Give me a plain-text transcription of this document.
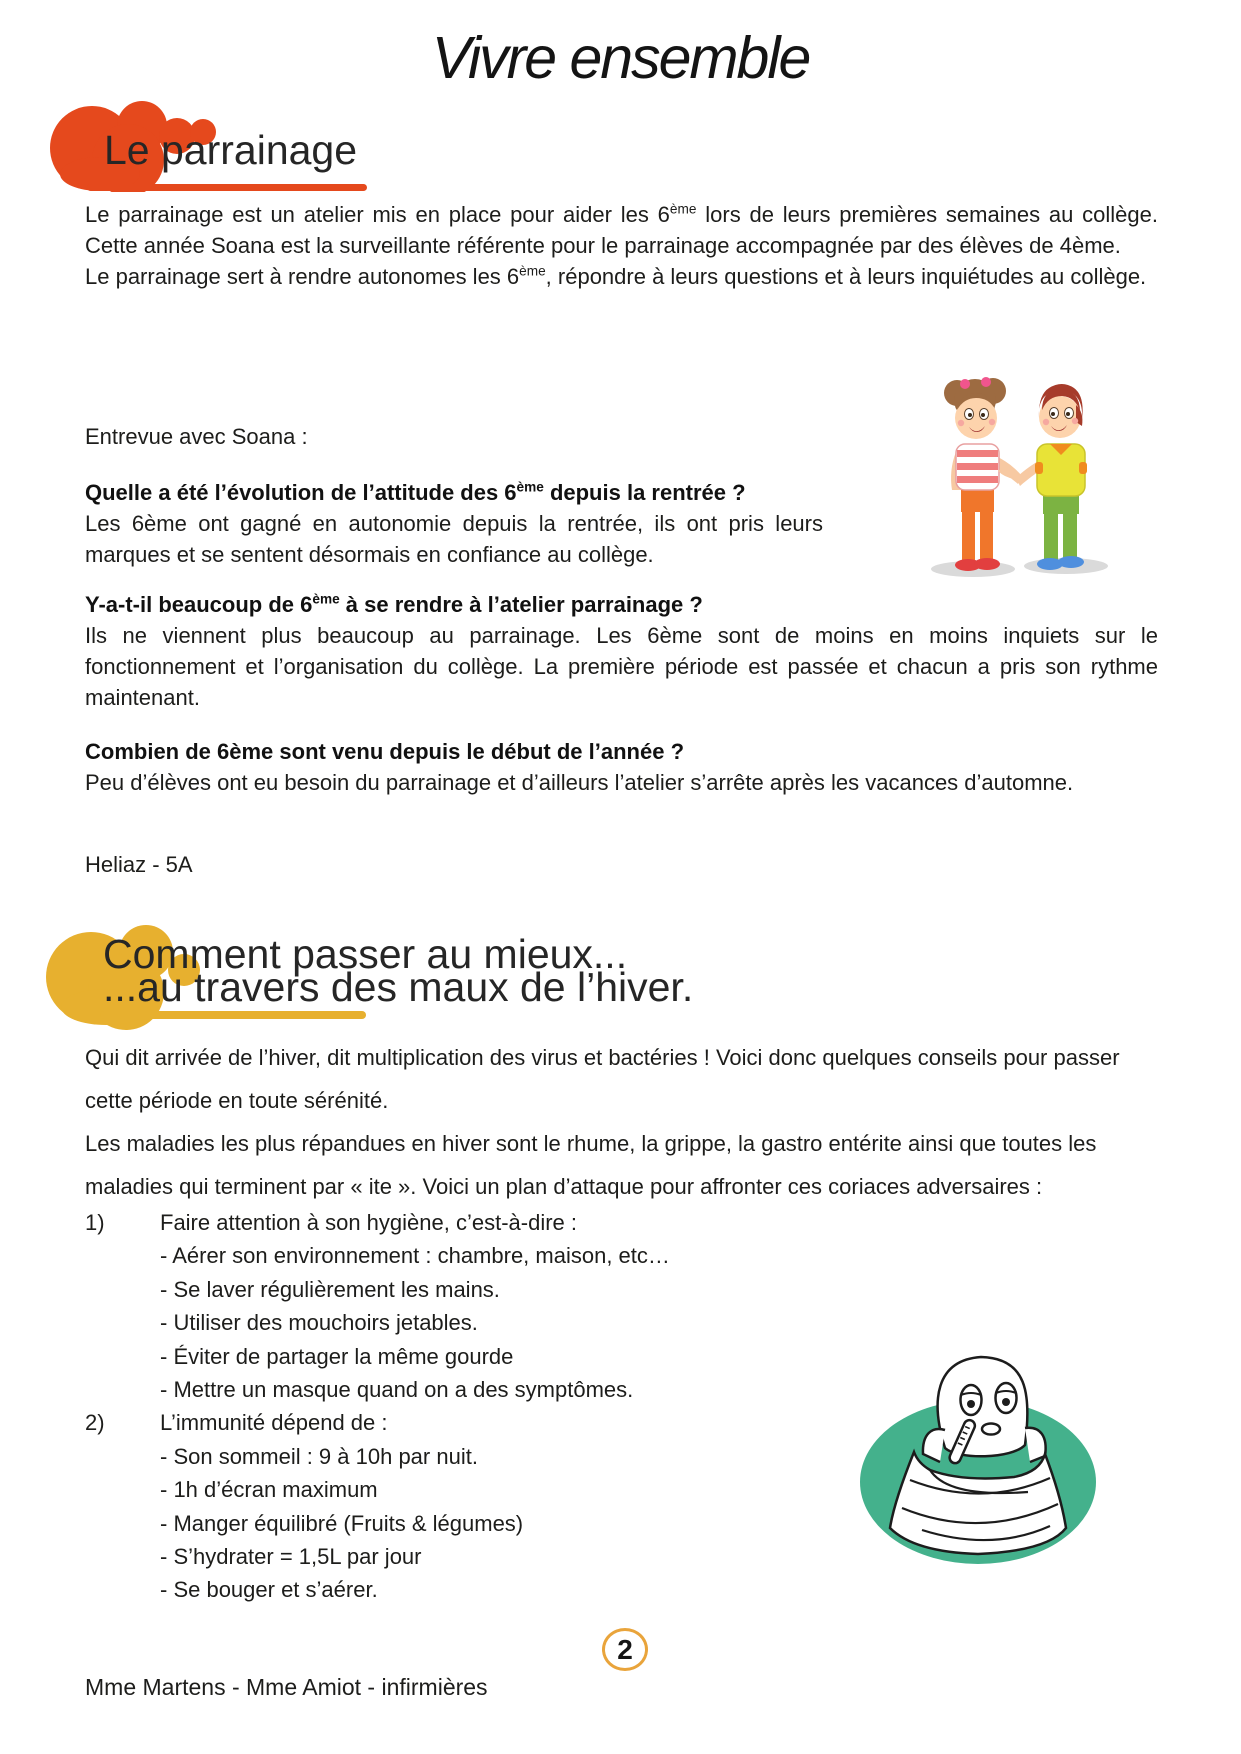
Vivre ensemble
Le parrainage

Le parrainage est un atelier mis en place pour aider les 6ème lors de leurs premières semaines au collège. Cette année Soana est la surveillante référente pour le parrainage accompagnée par des élèves de 4ème.

Le parrainage sert à rendre autonomes les 6ème, répondre à leurs questions et à leurs inquiétudes au collège.

Entrevue avec Soana :

Quelle a été l’évolution de l’attitude des 6ème depuis la rentrée ?

Les 6ème ont gagné en autonomie depuis la rentrée, ils ont pris leurs marques et se sentent désormais en confiance au collège.

Y-a-t-il beaucoup de 6ème à se rendre à l’atelier parrainage ?

Ils ne viennent plus beaucoup au parrainage. Les 6ème sont de moins en moins inquiets sur le fonctionnement et l’organisation du collège. La première période est passée et chacun a pris son rythme maintenant.

Combien de 6ème sont venu depuis le début de l’année ?

Peu d’élèves ont eu besoin du parrainage et d’ailleurs l’atelier s’arrête après les vacances d’automne.

Heliaz - 5A
Comment passer au mieux...
...au travers des maux de l’hiver.

Qui dit arrivée de l’hiver, dit multiplication des virus et bactéries ! Voici donc quelques conseils pour passer cette période en toute sérénité.

Les maladies les plus répandues en hiver sont le rhume, la grippe, la gastro entérite ainsi que toutes les maladies qui terminent par « ite ». Voici un plan d’attaque pour affronter ces coriaces adversaires :

1)	Faire attention à son hygiène, c’est-à-dire :
- Aérer son environnement : chambre, maison, etc…
- Se laver régulièrement les mains.
- Utiliser des mouchoirs jetables.
- Éviter de partager la même gourde
- Mettre un masque quand on a des symptômes.
2)	L’immunité dépend de :
- Son sommeil : 9 à 10h par nuit.
- 1h d’écran maximum
- Manger équilibré (Fruits & légumes)
- S’hydrater = 1,5L par jour
- Se bouger et s’aérer.
Mme Martens - Mme Amiot - infirmières
2
